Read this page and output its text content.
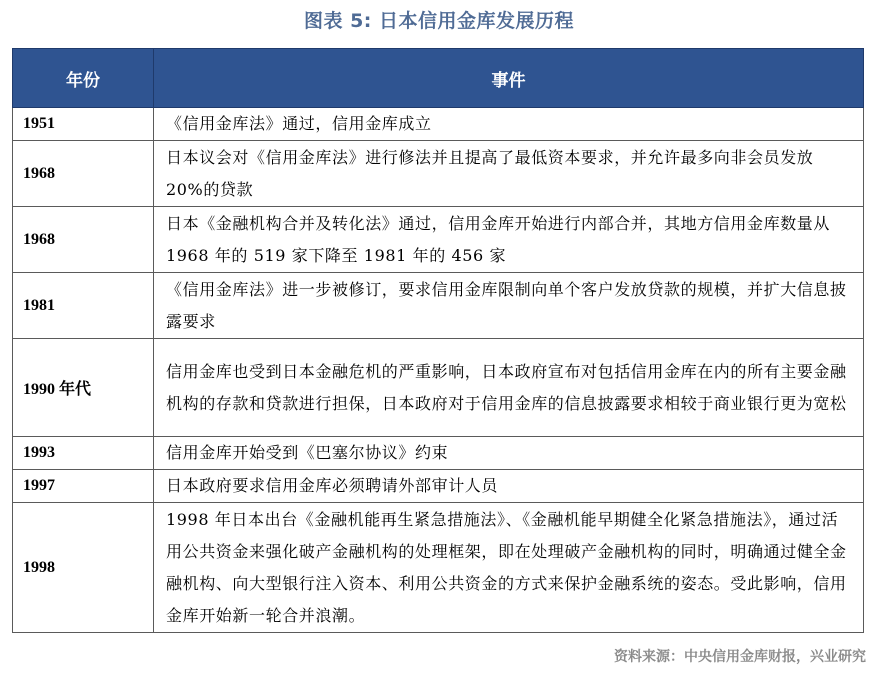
图表 5: 日本信用金库发展历程
年份	事件
1951	《信用金库法》通过，信用金库成立
1968	日本议会对《信用金库法》进行修法并且提高了最低资本要求，并允许最多向非会员发放 20%的贷款
1968	日本《金融机构合并及转化法》通过，信用金库开始进行内部合并，其地方信用金库数量从 1968 年的 519 家下降至 1981 年的 456 家
1981	《信用金库法》进一步被修订，要求信用金库限制向单个客户发放贷款的规模，并扩大信息披露要求
1990 年代	信用金库也受到日本金融危机的严重影响，日本政府宣布对包括信用金库在内的所有主要金融机构的存款和贷款进行担保，日本政府对于信用金库的信息披露要求相较于商业银行更为宽松
1993	信用金库开始受到《巴塞尔协议》约束
1997	日本政府要求信用金库必须聘请外部审计人员
1998	1998 年日本出台《金融机能再生紧急措施法》、《金融机能早期健全化紧急措施法》，通过活用公共资金来强化破产金融机构的处理框架，即在处理破产金融机构的同时，明确通过健全金融机构、向大型银行注入资本、利用公共资金的方式来保护金融系统的姿态。受此影响，信用金库开始新一轮合并浪潮。
资料来源：中央信用金库财报，兴业研究
